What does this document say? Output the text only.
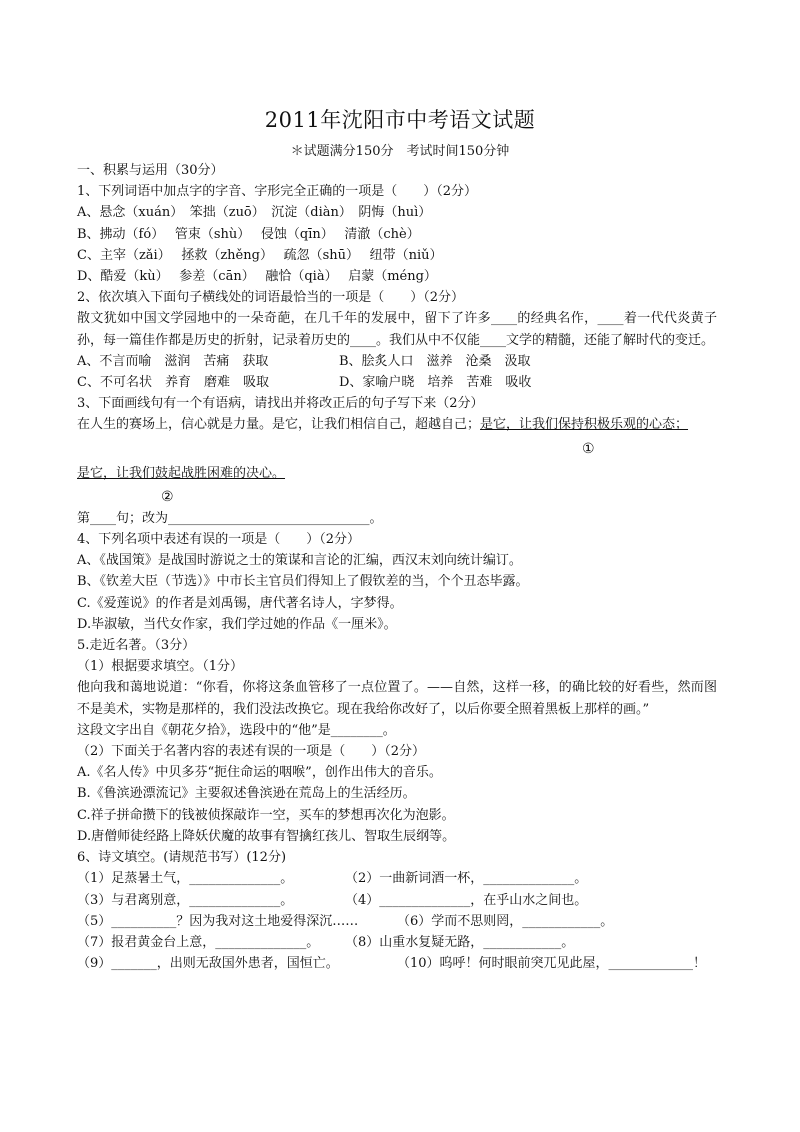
2011年沈阳市中考语文试题
＊试题满分150分　考试时间150分钟

一、积累与运用（30分）

1、下列词语中加点字的字音、字形完全正确的一项是（　　）（2分）

A、悬念（xuán）　笨拙（zuō）　沉淀（diàn）　阴悔（huì）

B、拂动（fó）　 管束（shù）　 侵蚀（qīn）　 清澈（chè）

C、主宰（zǎi）　 拯救（zhěng）　 疏忽（shū）　 纽带（niǔ）

D、酷爱（kù）　 参差（cān）　 融恰（qià）　 启蒙（méng）

2、依次填入下面句子横线处的词语最恰当的一项是（　　）（2分）

散文犹如中国文学园地中的一朵奇葩，在几千年的发展中，留下了许多____的经典名作，____着一代代炎黄子孙，每一篇佳作都是历史的折射，记录着历史的____。我们从中不仅能____文学的精髓，还能了解时代的变迁。

A、不言而喻　滋润　苦痛　获取	B、脍炙人口　滋养　沧桑　汲取

C、不可名状　养育　磨难　吸取	D、家喻户晓　培养　苦难　吸收

3、下面画线句有一个有语病，请找出并将改正后的句子写下来（2分）

在人生的赛场上，信心就是力量。是它，让我们相信自己，超越自己；是它，让我们保持积极乐观的心态；

①

是它，让我们鼓起战胜困难的决心。

②

第____句；改为_______________________________。

4、下列名项中表述有误的一项是（　　）（2分）

A、《战国策》是战国时游说之士的策谋和言论的汇编，西汉末刘向统计编订。

B、《钦差大臣（节选）》中市长主官员们得知上了假钦差的当，个个丑态毕露。

C.《爱莲说》的作者是刘禹锡，唐代著名诗人，字梦得。

D.毕淑敏，当代女作家，我们学过她的作品《一厘米》。

5.走近名著。（3分）

（1）根据要求填空。（1分）

他向我和蔼地说道：“你看，你将这条血管移了一点位置了。——自然，这样一移，的确比较的好看些，然而图不是美术，实物是那样的，我们没法改换它。现在我给你改好了，以后你要全照着黑板上那样的画。”

这段文字出自《朝花夕拾》，选段中的“他”是________。

（2）下面关于名著内容的表述有误的一项是（　　）（2分）

A.《名人传》中贝多芬“扼住命运的咽喉”，创作出伟大的音乐。

B.《鲁滨逊漂流记》主要叙述鲁滨逊在荒岛上的生活经历。

C.祥子拼命攒下的钱被侦探敲诈一空，买车的梦想再次化为泡影。

D.唐僧师徒经路上降妖伏魔的故事有智擒红孩儿、智取生辰纲等。

6、诗文填空。(请规范书写）(12分)

（1）足蒸暑土气，______________。	（2）一曲新词酒一杯，______________。

（3）与君离别意，______________。	（4）______________，在乎山水之间也。

（5）__________？因为我对这土地爱得深沉……	（6）学而不思则罔，____________。

（7）报君黄金台上意，______________。 （8）山重水复疑无路，____________。

（9）_______，出则无敌国外患者，国恒亡。	（10）呜呼！何时眼前突兀见此屋，_____________！
